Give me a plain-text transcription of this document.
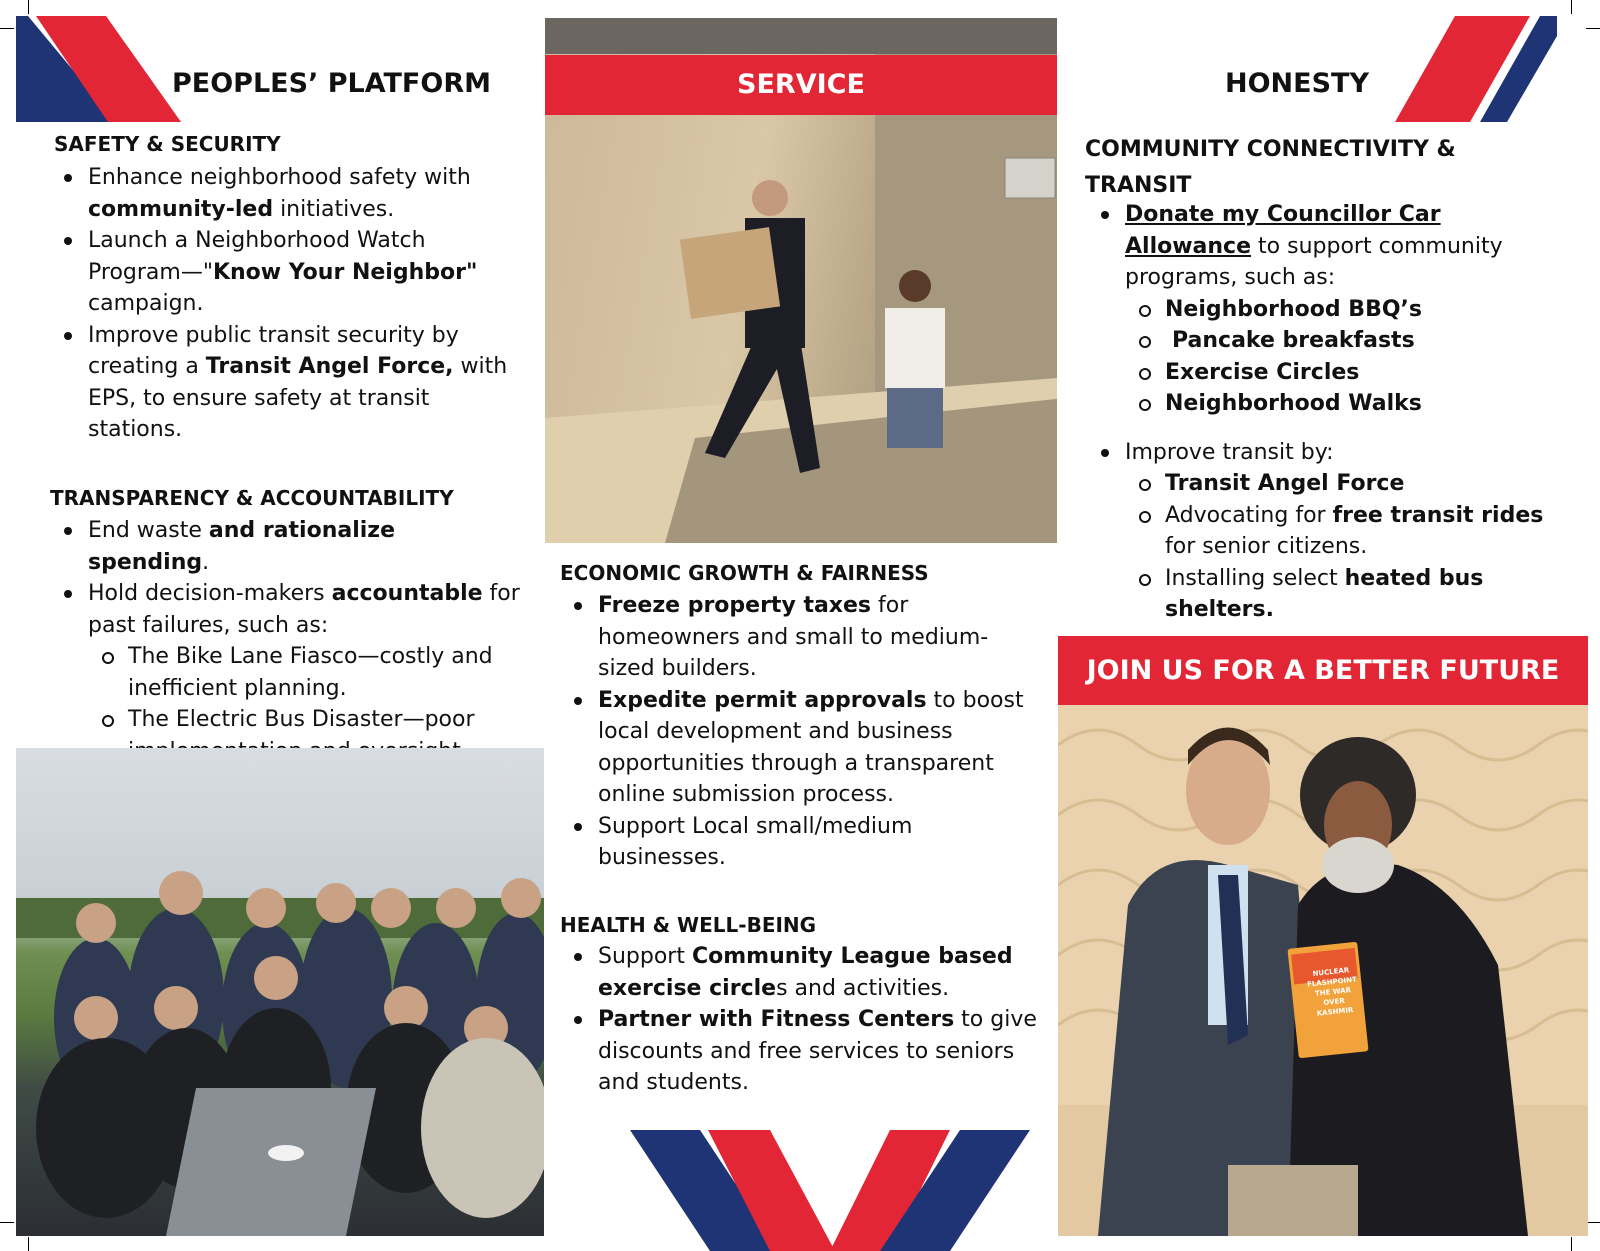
PEOPLES’ PLATFORM
SAFETY & SECURITY
Enhance neighborhood safety with community-led initiatives.
Launch a Neighborhood Watch Program—"Know Your Neighbor" campaign.
Improve public transit security by creating a Transit Angel Force, with EPS, to ensure safety at transit stations.
TRANSPARENCY & ACCOUNTABILITY
End waste and rationalize spending.
Hold decision-makers accountable for past failures, such as:
The Bike Lane Fiasco—costly and inefficient planning.
The Electric Bus Disaster—poor
SERVICE
ECONOMIC GROWTH & FAIRNESS
Freeze property taxes for homeowners and small to medium-sized builders.
Expedite permit approvals to boost local development and business opportunities through a transparent online submission process.
Support Local small/medium businesses.
HEALTH & WELL-BEING
Support Community League based exercise circles and activities.
Partner with Fitness Centers to give discounts and free services to seniors and students.
HONESTY
COMMUNITY CONNECTIVITY & TRANSIT
Donate my Councillor Car Allowance to support community programs, such as:
Neighborhood BBQ’s
Pancake breakfasts
Exercise Circles
Neighborhood Walks
Improve transit by:
Transit Angel Force
Advocating for free transit rides for senior citizens.
Installing select heated bus shelters.
JOIN US FOR A BETTER FUTURE
NUCLEAR FLASHPOINT THE WAR OVER KASHMIR
